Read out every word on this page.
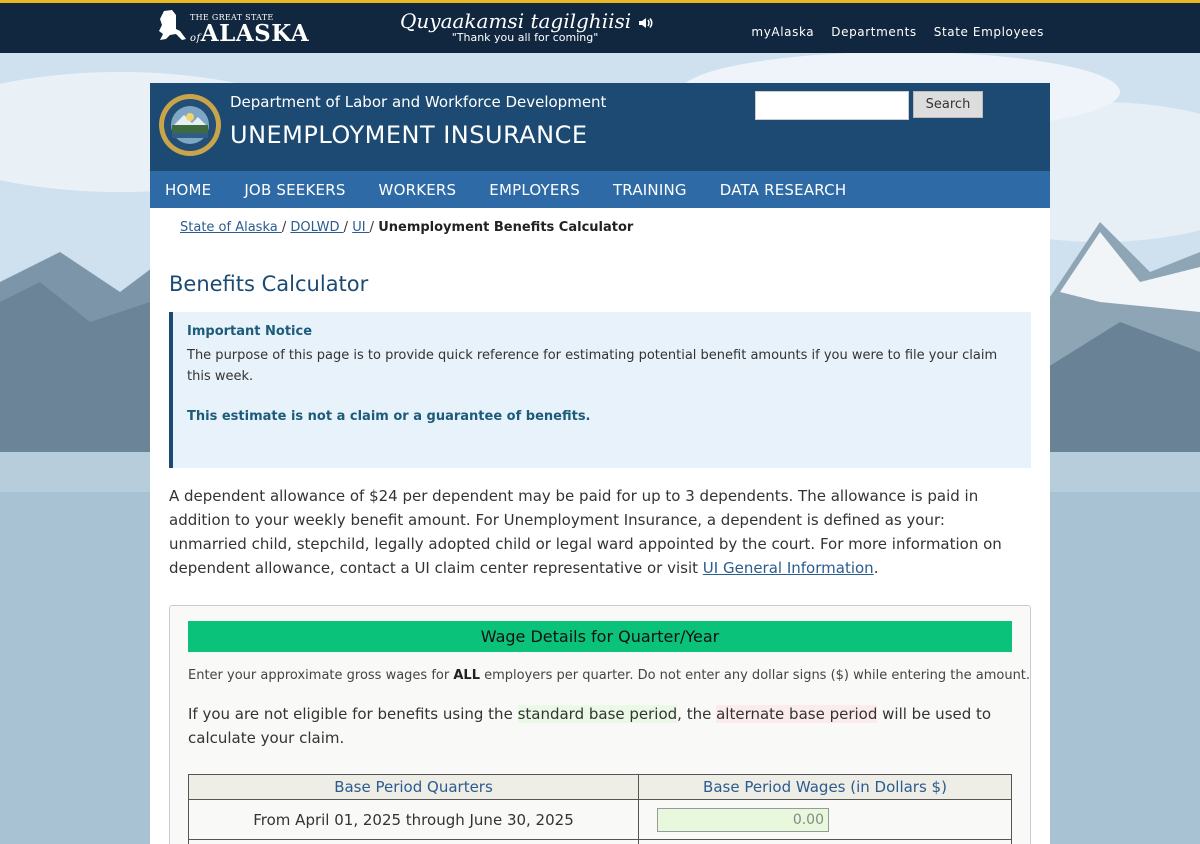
THE GREAT STATE
ofALASKA	Quyaakamsi tagilghiisi
"Thank you all for coming"	myAlaska Departments State Employees
Department of Labor and Workforce Development
UNEMPLOYMENT INSURANCE
Search
HOME JOB SEEKERS WORKERS EMPLOYERS TRAINING DATA RESEARCH
State of Alaska / DOLWD / UI / Unemployment Benefits Calculator
Benefits Calculator
Important Notice
The purpose of this page is to provide quick reference for estimating potential benefit amounts if you were to file your claim this week.
This estimate is not a claim or a guarantee of benefits.

A dependent allowance of $24 per dependent may be paid for up to 3 dependents. The allowance is paid in addition to your weekly benefit amount. For Unemployment Insurance, a dependent is defined as your: unmarried child, stepchild, legally adopted child or legal ward appointed by the court. For more information on dependent allowance, contact a UI claim center representative or visit UI General Information.

Wage Details for Quarter/Year
Enter your approximate gross wages for ALL employers per quarter. Do not enter any dollar signs ($) while entering the amount.
If you are not eligible for benefits using the standard base period, the alternate base period will be used to calculate your claim.
Base Period Quarters	Base Period Wages (in Dollars $)
From April 01, 2025 through June 30, 2025	0.00
